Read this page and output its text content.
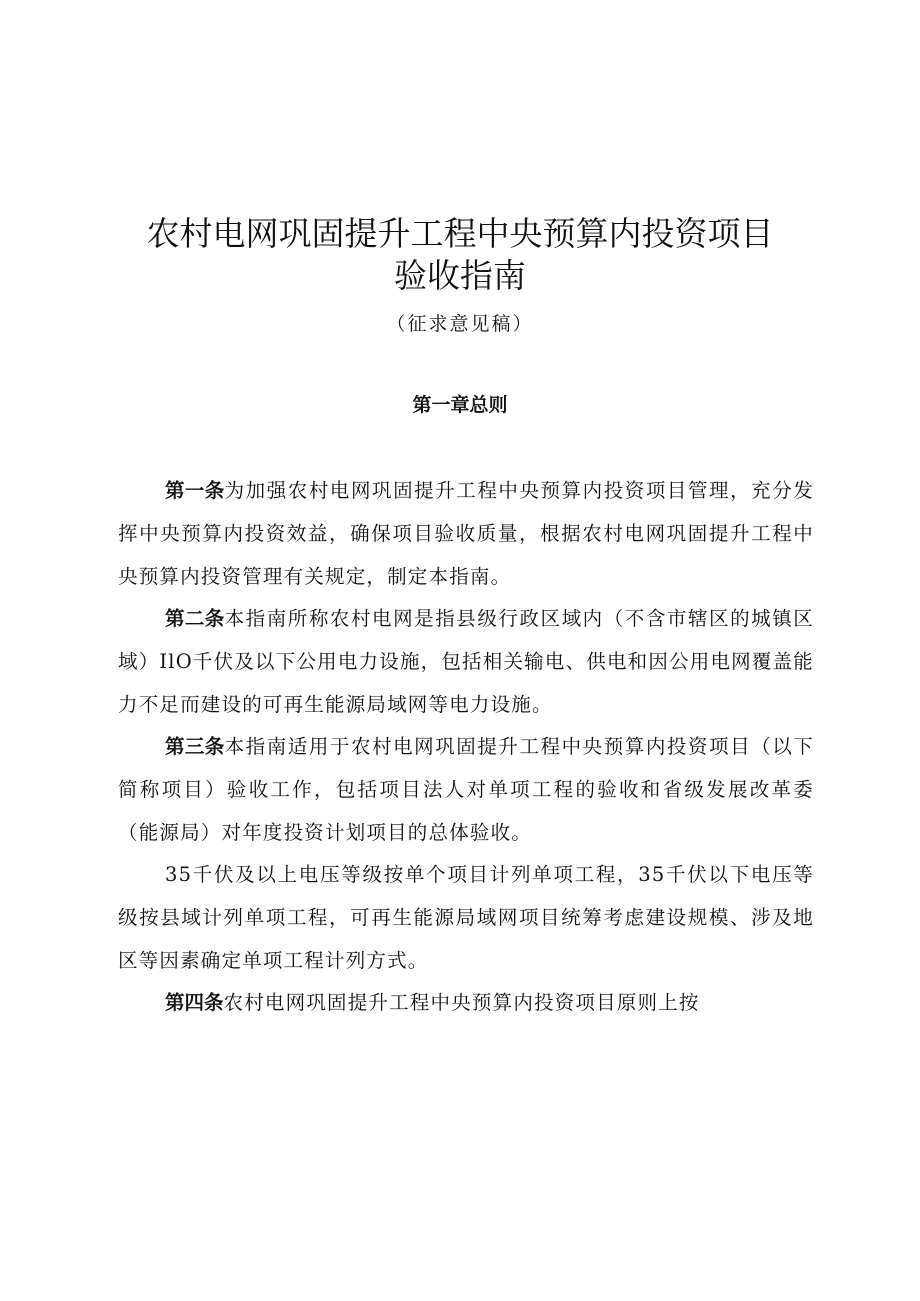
农村电网巩固提升工程中央预算内投资项目
验收指南
（征求意见稿）
第一章总则

第一条为加强农村电网巩固提升工程中央预算内投资项目管理，充分发挥中央预算内投资效益，确保项目验收质量，根据农村电网巩固提升工程中央预算内投资管理有关规定，制定本指南。

第二条本指南所称农村电网是指县级行政区域内（不含市辖区的城镇区域）IlO千伏及以下公用电力设施，包括相关输电、供电和因公用电网覆盖能力不足而建设的可再生能源局域网等电力设施。

第三条本指南适用于农村电网巩固提升工程中央预算内投资项目（以下简称项目）验收工作，包括项目法人对单项工程的验收和省级发展改革委（能源局）对年度投资计划项目的总体验收。

35千伏及以上电压等级按单个项目计列单项工程，35千伏以下电压等级按县域计列单项工程，可再生能源局域网项目统筹考虑建设规模、涉及地区等因素确定单项工程计列方式。

第四条农村电网巩固提升工程中央预算内投资项目原则上按
